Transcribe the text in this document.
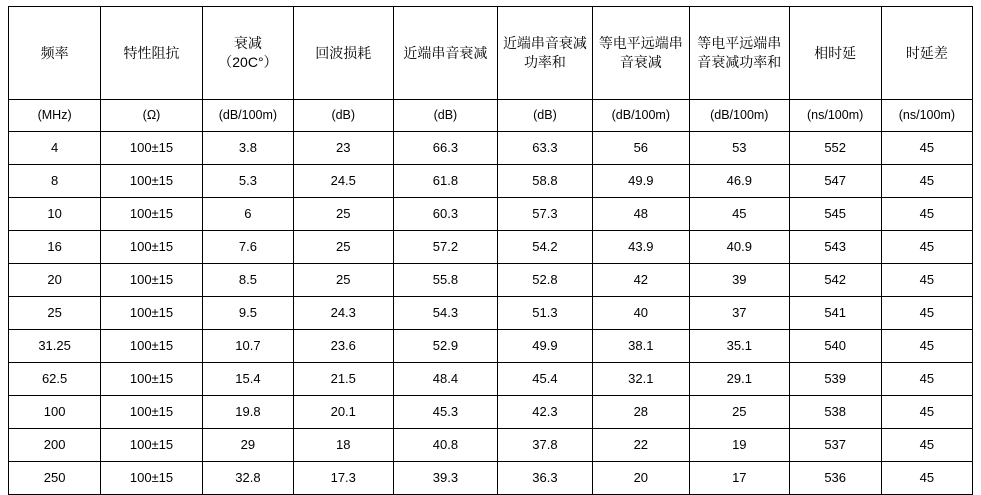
频率	特性阻抗	衰减 （20C°）	回波损耗	近端串音衰减	近端串音衰减功率和	等电平远端串音衰减	等电平远端串音衰减功率和	相时延	时延差
(MHz)	(Ω)	(dB/100m)	(dB)	(dB)	(dB)	(dB/100m)	(dB/100m)	(ns/100m)	(ns/100m)
4	100±15	3.8	23	66.3	63.3	56	53	552	45
8	100±15	5.3	24.5	61.8	58.8	49.9	46.9	547	45
10	100±15	6	25	60.3	57.3	48	45	545	45
16	100±15	7.6	25	57.2	54.2	43.9	40.9	543	45
20	100±15	8.5	25	55.8	52.8	42	39	542	45
25	100±15	9.5	24.3	54.3	51.3	40	37	541	45
31.25	100±15	10.7	23.6	52.9	49.9	38.1	35.1	540	45
62.5	100±15	15.4	21.5	48.4	45.4	32.1	29.1	539	45
100	100±15	19.8	20.1	45.3	42.3	28	25	538	45
200	100±15	29	18	40.8	37.8	22	19	537	45
250	100±15	32.8	17.3	39.3	36.3	20	17	536	45
